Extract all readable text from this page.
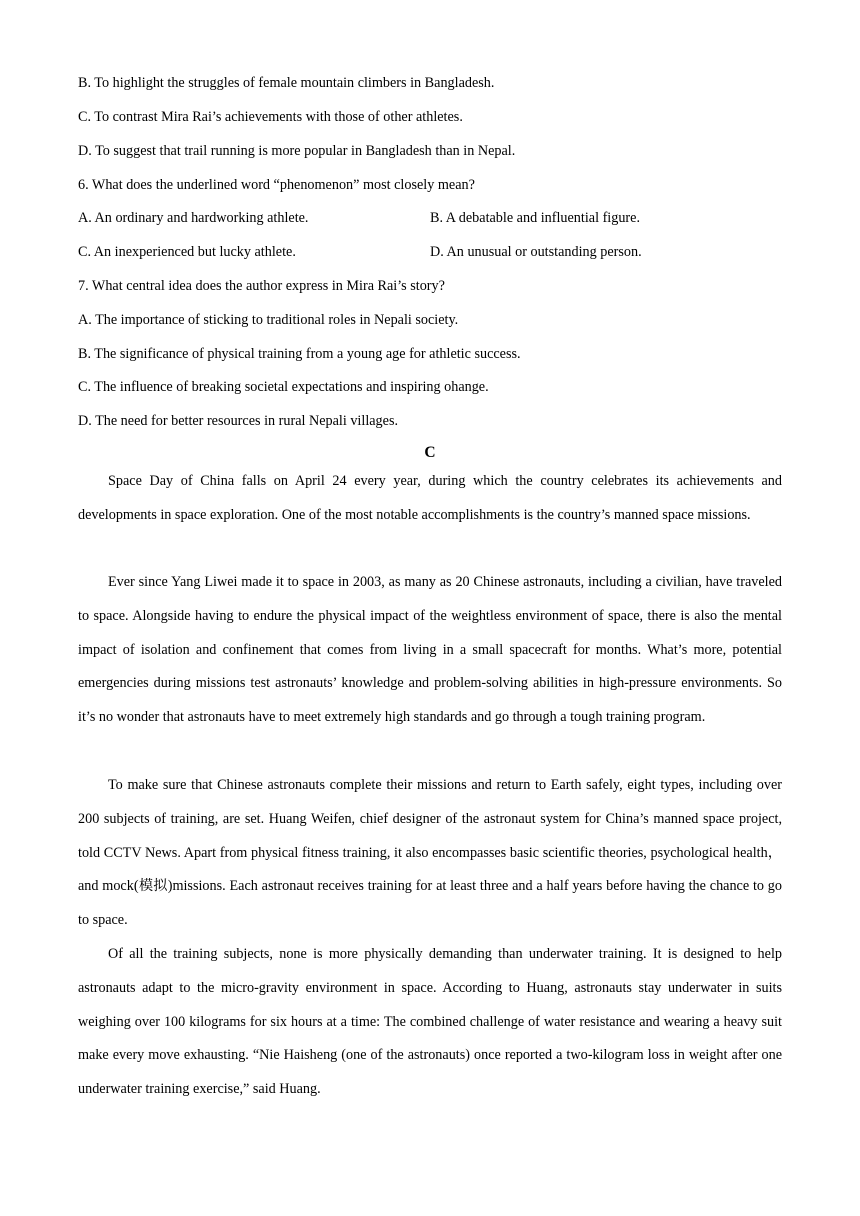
B. To highlight the struggles of female mountain climbers in Bangladesh.
C. To contrast Mira Rai’s achievements with those of other athletes.
D. To suggest that trail running is more popular in Bangladesh than in Nepal.
6. What does the underlined word “phenomenon” most closely mean?
A. An ordinary and hardworking athlete.	B. A debatable and influential figure.
C. An inexperienced but lucky athlete.	D. An unusual or outstanding person.
7. What central idea does the author express in Mira Rai’s story?
A. The importance of sticking to traditional roles in Nepali society.
B. The significance of physical training from a young age for athletic success.
C. The influence of breaking societal expectations and inspiring ohange.
D. The need for better resources in rural Nepali villages.
C
Space Day of China falls on April 24 every year, during which the country celebrates its achievements and developments in space exploration. One of the most notable accomplishments is the country’s manned space missions.
Ever since Yang Liwei made it to space in 2003, as many as 20 Chinese astronauts, including a civilian, have traveled to space. Alongside having to endure the physical impact of the weightless environment of space, there is also the mental impact of isolation and confinement that comes from living in a small spacecraft for months. What’s more, potential emergencies during missions test astronauts’ knowledge and problem-solving abilities in high-pressure environments. So it’s no wonder that astronauts have to meet extremely high standards and go through a tough training program.
To make sure that Chinese astronauts complete their missions and return to Earth safely, eight types, including over 200 subjects of training, are set. Huang Weifen, chief designer of the astronaut system for China’s manned space project, told CCTV News. Apart from physical fitness training, it also encompasses basic scientific theories, psychological health， and mock(模拟)missions. Each astronaut receives training for at least three and a half years before having the chance to go to space.
Of all the training subjects, none is more physically demanding than underwater training. It is designed to help astronauts adapt to the micro-gravity environment in space. According to Huang, astronauts stay underwater in suits weighing over 100 kilograms for six hours at a time: The combined challenge of water resistance and wearing a heavy suit make every move exhausting. “Nie Haisheng (one of the astronauts) once reported a two-kilogram loss in weight after one underwater training exercise,” said Huang.
